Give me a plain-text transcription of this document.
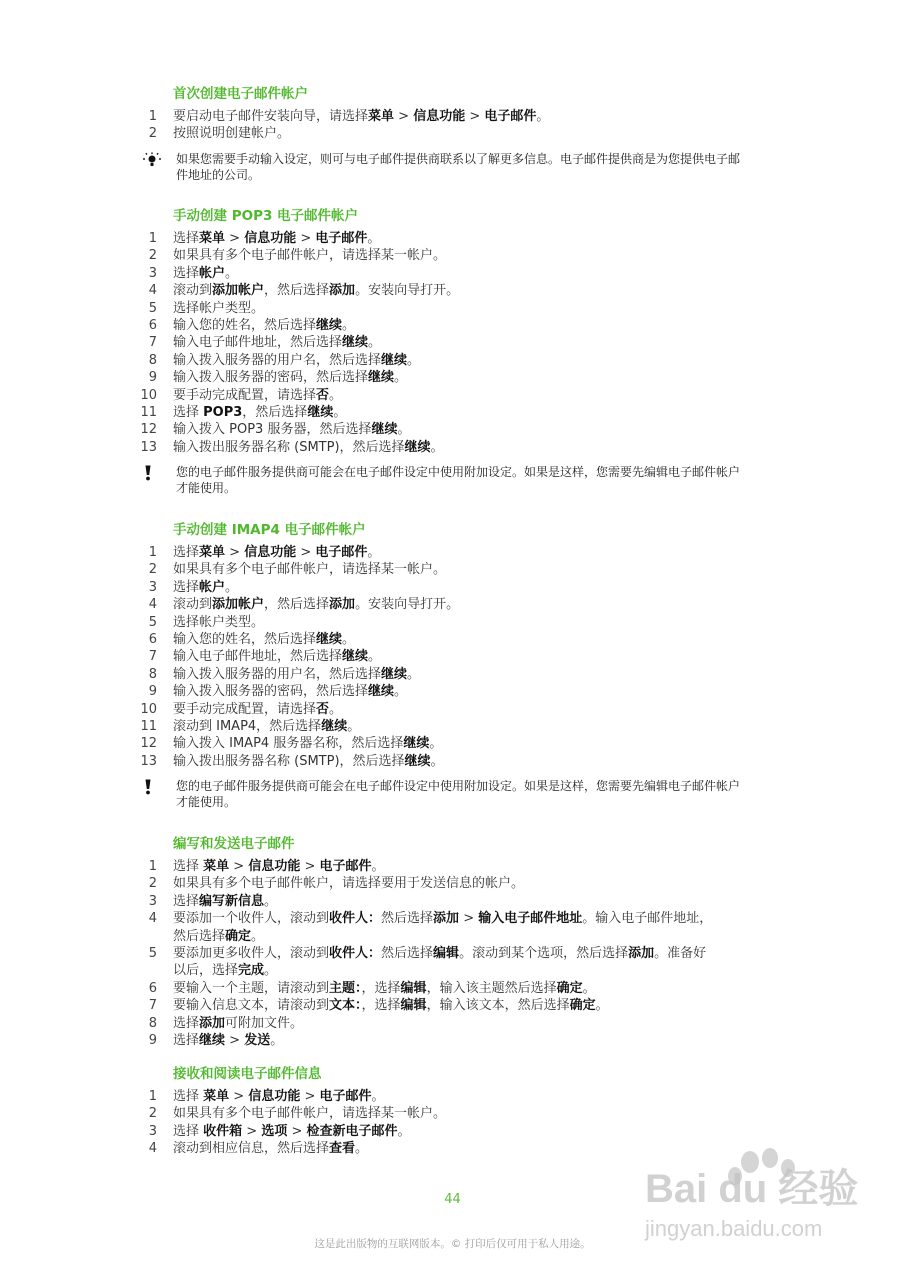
首次创建电子邮件帐户
1 要启动电子邮件安装向导，请选择菜单 > 信息功能 > 电子邮件。
2 按照说明创建帐户。
如果您需要手动输入设定，则可与电子邮件提供商联系以了解更多信息。电子邮件提供商是为您提供电子邮件地址的公司。
手动创建 POP3 电子邮件帐户
1 选择菜单 > 信息功能 > 电子邮件。
2 如果具有多个电子邮件帐户，请选择某一帐户。
3 选择帐户。
4 滚动到添加帐户，然后选择添加。安装向导打开。
5 选择帐户类型。
6 输入您的姓名，然后选择继续。
7 输入电子邮件地址，然后选择继续。
8 输入拨入服务器的用户名，然后选择继续。
9 输入拨入服务器的密码，然后选择继续。
10 要手动完成配置，请选择否。
11 选择 POP3，然后选择继续。
12 输入拨入 POP3 服务器，然后选择继续。
13 输入拨出服务器名称 (SMTP)，然后选择继续。
您的电子邮件服务提供商可能会在电子邮件设定中使用附加设定。如果是这样，您需要先编辑电子邮件帐户才能使用。
手动创建 IMAP4 电子邮件帐户
1 选择菜单 > 信息功能 > 电子邮件。
2 如果具有多个电子邮件帐户，请选择某一帐户。
3 选择帐户。
4 滚动到添加帐户，然后选择添加。安装向导打开。
5 选择帐户类型。
6 输入您的姓名，然后选择继续。
7 输入电子邮件地址，然后选择继续。
8 输入拨入服务器的用户名，然后选择继续。
9 输入拨入服务器的密码，然后选择继续。
10 要手动完成配置，请选择否。
11 滚动到 IMAP4，然后选择继续。
12 输入拨入 IMAP4 服务器名称，然后选择继续。
13 输入拨出服务器名称 (SMTP)，然后选择继续。
您的电子邮件服务提供商可能会在电子邮件设定中使用附加设定。如果是这样，您需要先编辑电子邮件帐户才能使用。
编写和发送电子邮件
1 选择 菜单 > 信息功能 > 电子邮件。
2 如果具有多个电子邮件帐户，请选择要用于发送信息的帐户。
3 选择编写新信息。
4 要添加一个收件人，滚动到收件人：然后选择添加 > 输入电子邮件地址。输入电子邮件地址，然后选择确定。
5 要添加更多收件人，滚动到收件人：然后选择编辑。滚动到某个选项，然后选择添加。准备好以后，选择完成。
6 要输入一个主题，请滚动到主题：，选择编辑，输入该主题然后选择确定。
7 要输入信息文本，请滚动到文本：，选择编辑，输入该文本，然后选择确定。
8 选择添加可附加文件。
9 选择继续 > 发送。
接收和阅读电子邮件信息
1 选择 菜单 > 信息功能 > 电子邮件。
2 如果具有多个电子邮件帐户，请选择某一帐户。
3 选择 收件箱 > 选项 > 检查新电子邮件。
4 滚动到相应信息，然后选择查看。
44
这是此出版物的互联网版本。© 打印后仅可用于私人用途。
Bai du 经验
jingyan.baidu.com
